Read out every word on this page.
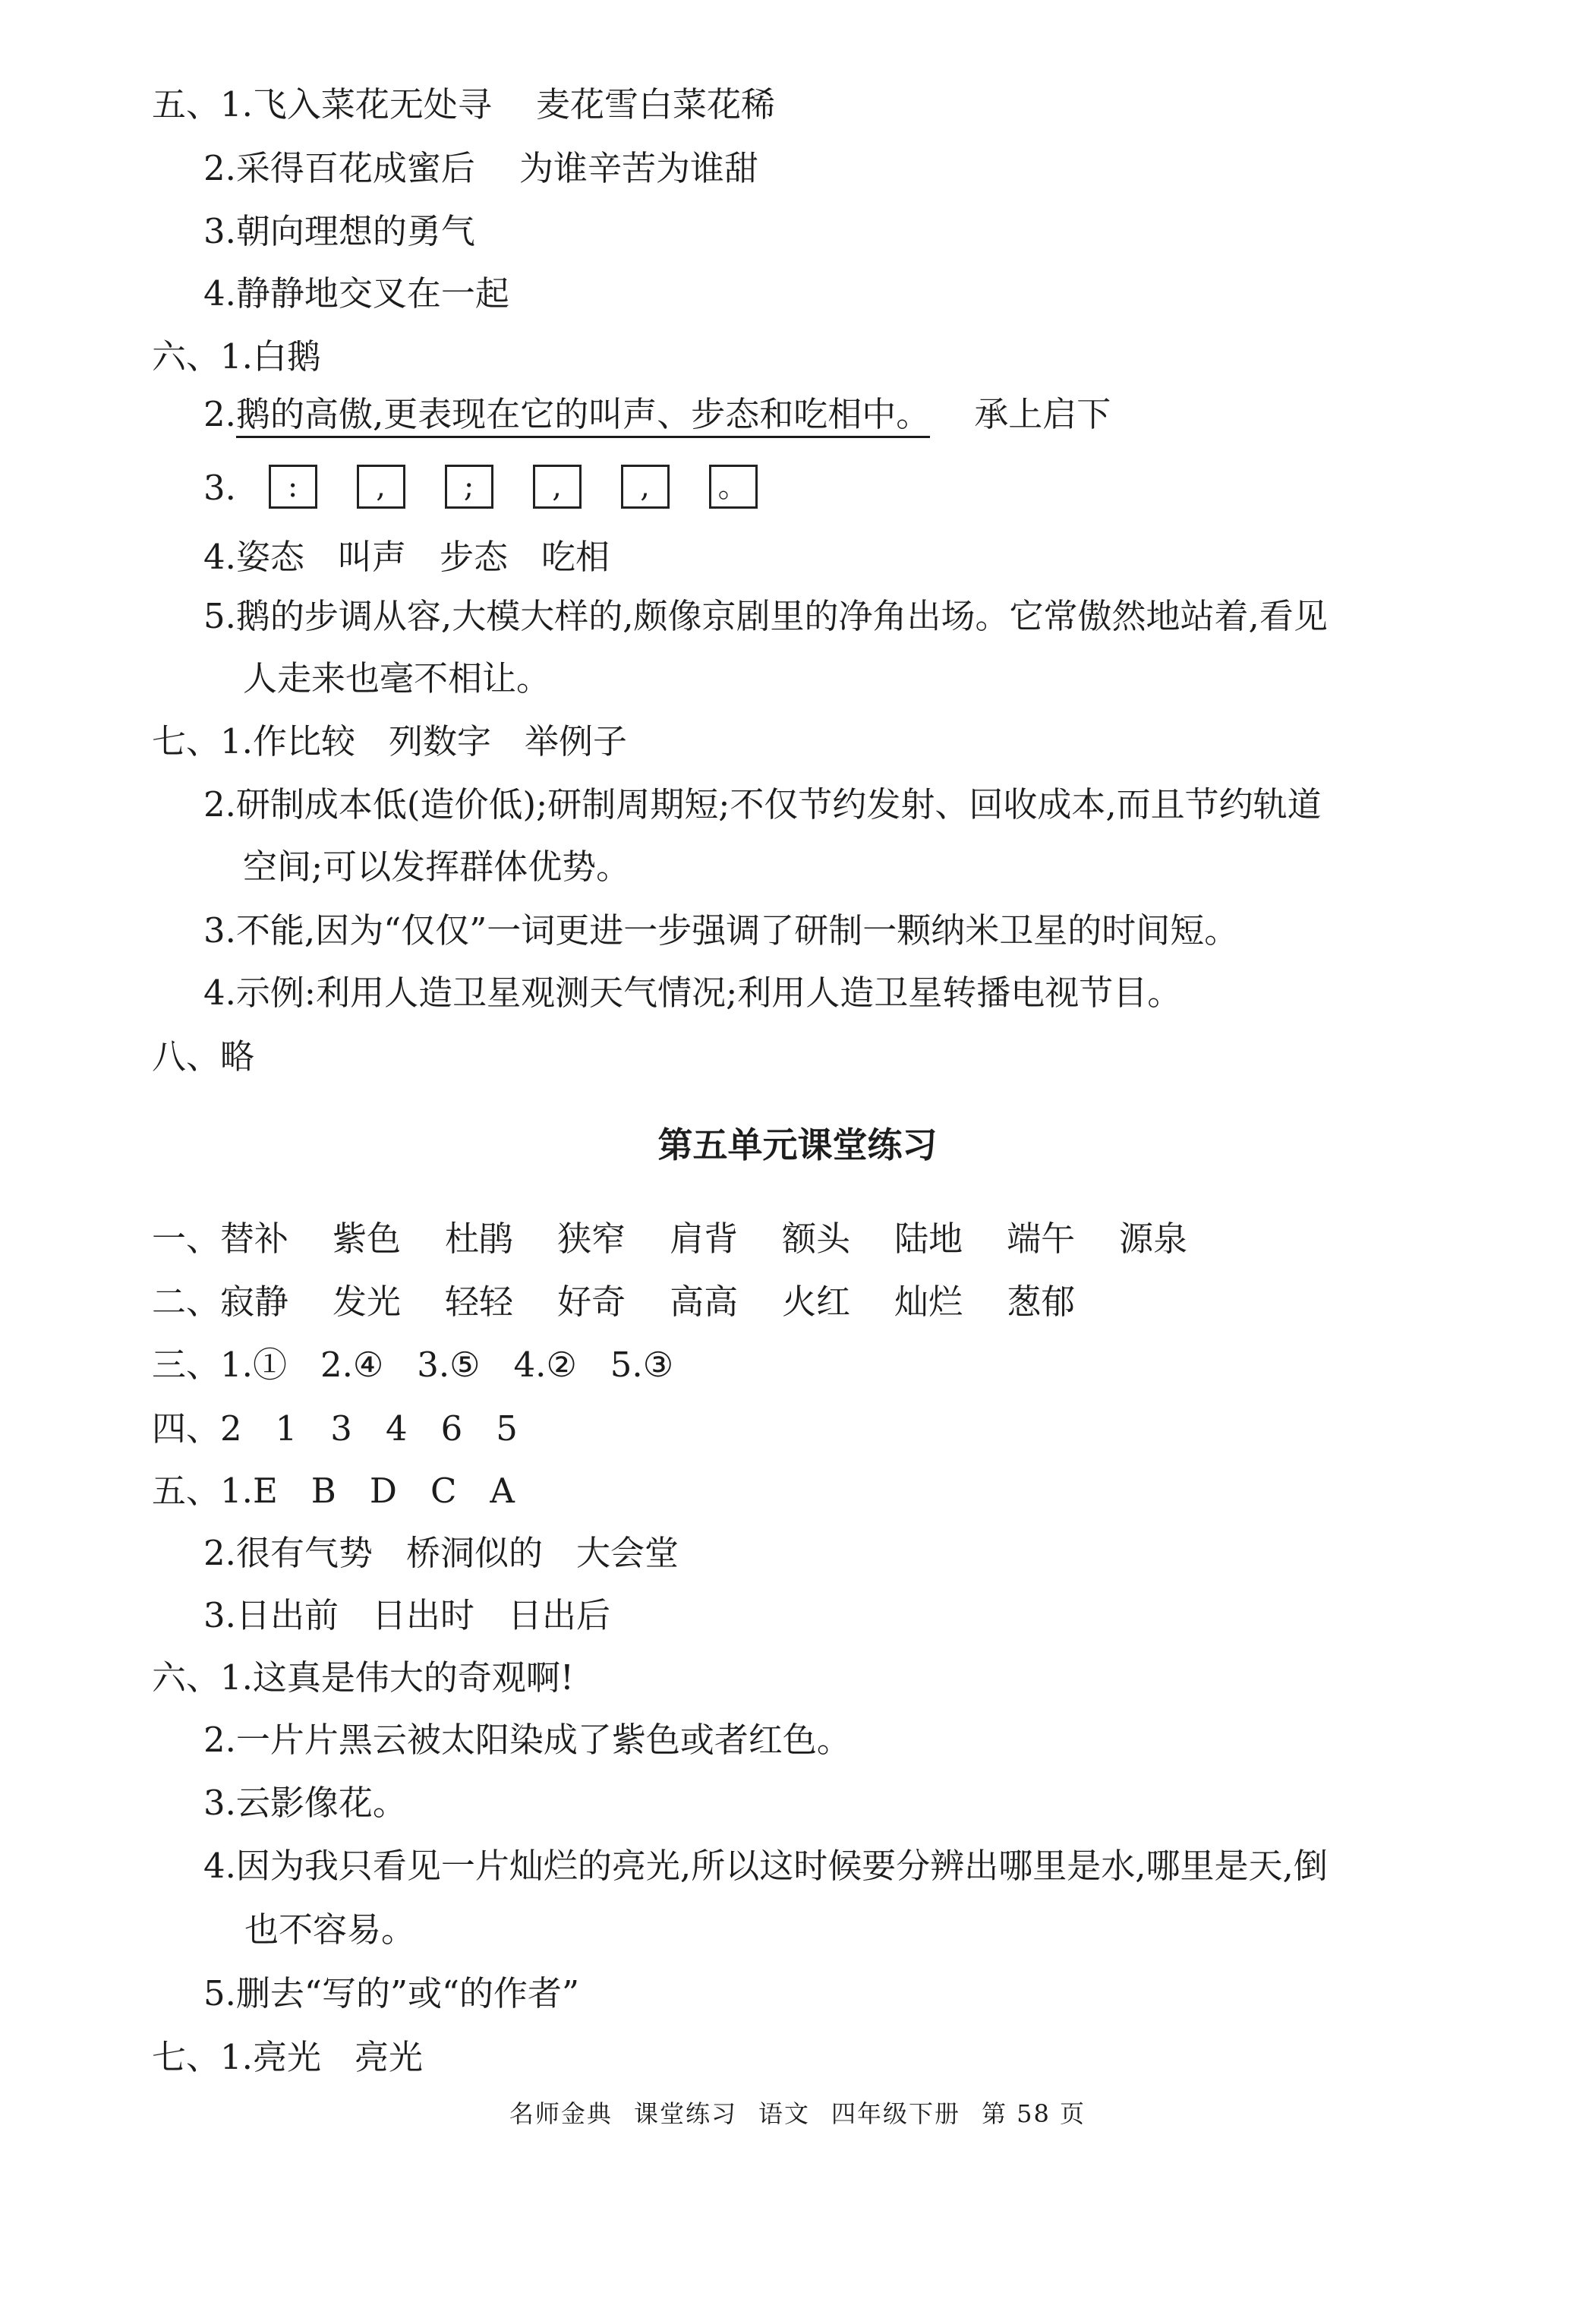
五、1.飞入菜花无处寻 麦花雪白菜花稀
2.采得百花成蜜后 为谁辛苦为谁甜
3.朝向理想的勇气
4.静静地交叉在一起
六、1.白鹅
2.鹅的高傲,更表现在它的叫声、步态和吃相中。 承上启下
3. :	,	;	,	, 。
4.姿态 叫声 步态 吃相
5.鹅的步调从容,大模大样的,颇像京剧里的净角出场。它常傲然地站着,看见
人走来也毫不相让。
七、1.作比较 列数字 举例子
2.研制成本低(造价低);研制周期短;不仅节约发射、回收成本,而且节约轨道
空间;可以发挥群体优势。
3.不能,因为“仅仅”一词更进一步强调了研制一颗纳米卫星的时间短。
4.示例:利用人造卫星观测天气情况;利用人造卫星转播电视节目。
八、略
第五单元课堂练习
一、替补 紫色 杜鹃 狭窄 肩背 额头 陆地 端午 源泉
二、寂静 发光 轻轻 好奇 高高 火红 灿烂 葱郁
三、1.① 2.④ 3.⑤ 4.② 5.③
四、2 1 3 4 6 5
五、1.E B D C A
2.很有气势 桥洞似的 大会堂
3.日出前 日出时 日出后
六、1.这真是伟大的奇观啊!
2.一片片黑云被太阳染成了紫色或者红色。
3.云影像花。
4.因为我只看见一片灿烂的亮光,所以这时候要分辨出哪里是水,哪里是天,倒
也不容易。
5.删去“写的”或“的作者”
七、1.亮光 亮光
名师金典 课堂练习 语文 四年级下册 第 58 页
